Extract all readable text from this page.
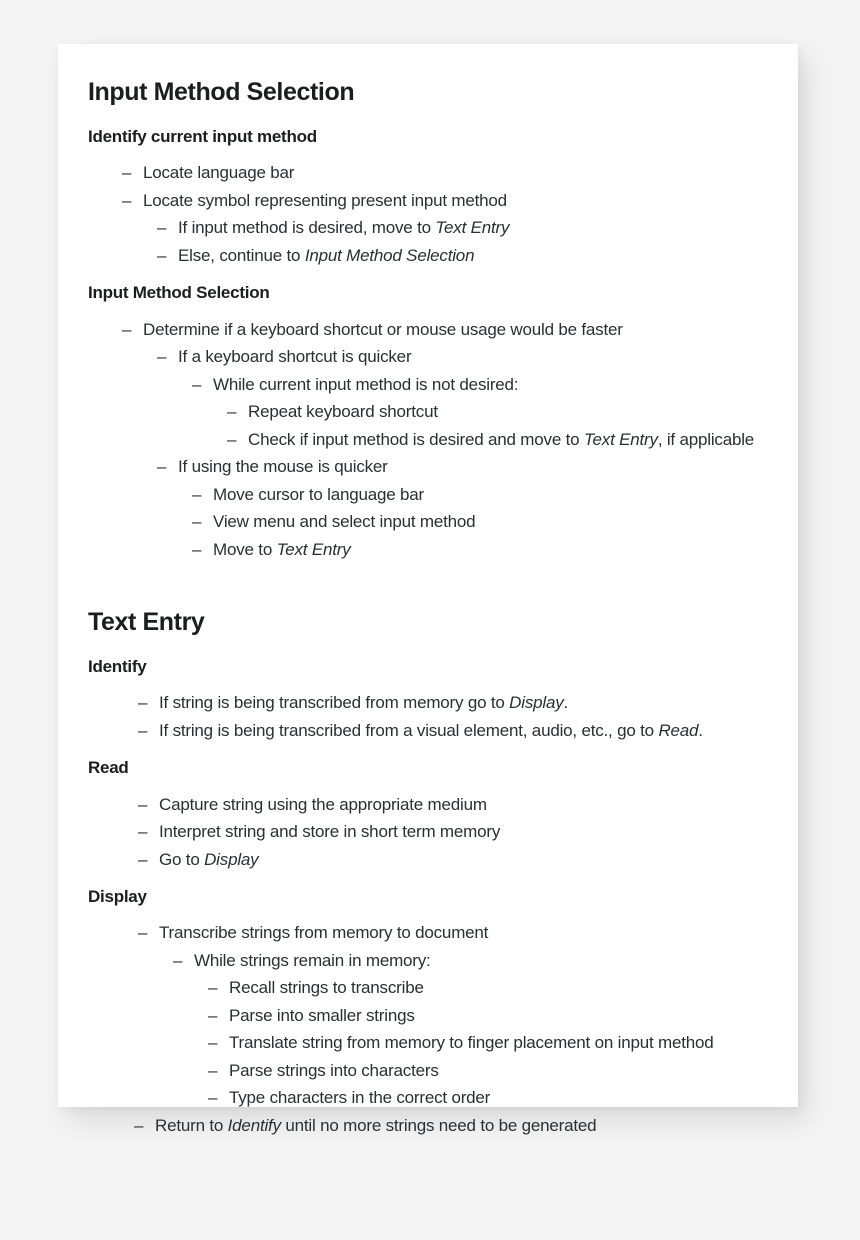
Input Method Selection
Identify current input method
– Locate language bar
– Locate symbol representing present input method
– If input method is desired, move to Text Entry
– Else, continue to Input Method Selection
Input Method Selection
– Determine if a keyboard shortcut or mouse usage would be faster
– If a keyboard shortcut is quicker
– While current input method is not desired:
– Repeat keyboard shortcut
– Check if input method is desired and move to Text Entry, if applicable
– If using the mouse is quicker
– Move cursor to language bar
– View menu and select input method
– Move to Text Entry
Text Entry
Identify
– If string is being transcribed from memory go to Display.
– If string is being transcribed from a visual element, audio, etc., go to Read.
Read
– Capture string using the appropriate medium
– Interpret string and store in short term memory
– Go to Display
Display
– Transcribe strings from memory to document
– While strings remain in memory:
– Recall strings to transcribe
– Parse into smaller strings
– Translate string from memory to finger placement on input method
– Parse strings into characters
– Type characters in the correct order
– Return to Identify until no more strings need to be generated
